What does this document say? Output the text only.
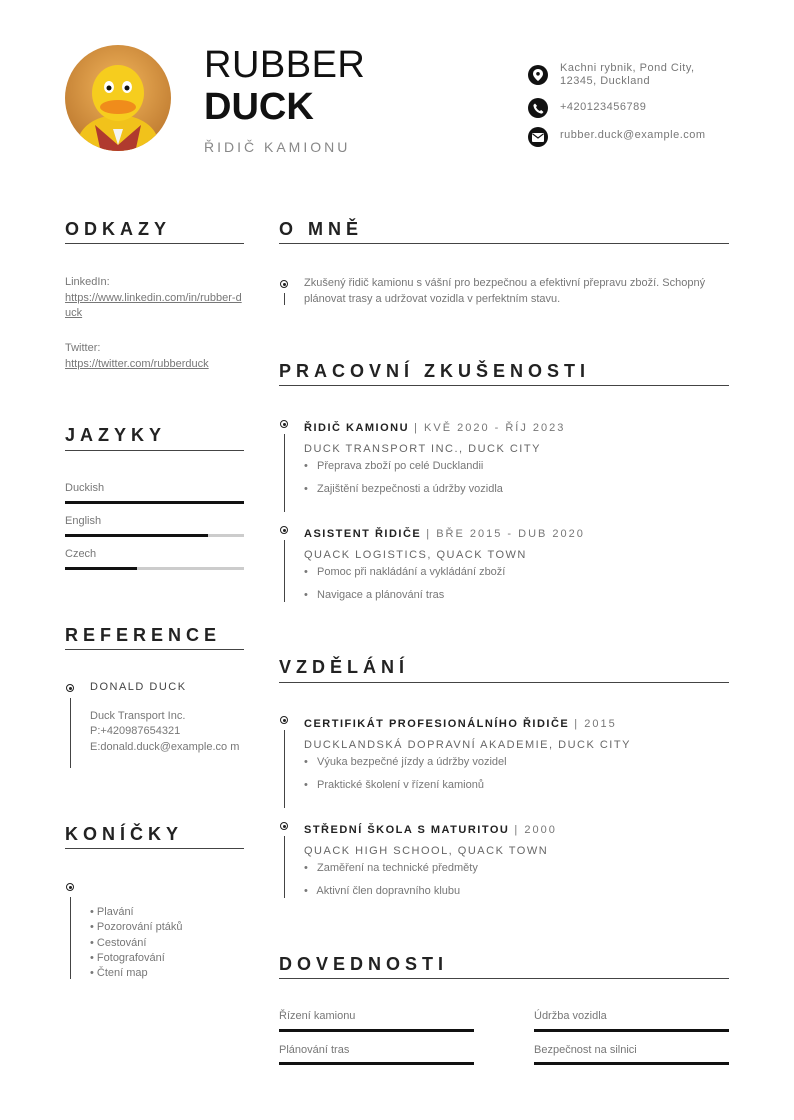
RUBBER
DUCK
ŘIDIČ KAMIONU
Kachni rybnik, Pond City, 12345, Duckland
+420123456789
rubber.duck@example.com
ODKAZY
LinkedIn:
https://www.linkedin.com/in/rubber-duck
Twitter:
https://twitter.com/rubberduck
JAZYKY
Duckish
English
Czech
REFERENCE
DONALD DUCK
Duck Transport Inc.
P:+420987654321
E:donald.duck@example.co m
KONÍČKY
• Plavání
• Pozorování ptáků
• Cestování
• Fotografování
• Čtení map
O MNĚ
Zkušený řidič kamionu s vášní pro bezpečnou a efektivní přepravu zboží. Schopný plánovat trasy a udržovat vozidla v perfektním stavu.
PRACOVNÍ ZKUŠENOSTI
ŘIDIČ KAMIONU | KVĚ 2020 - ŘÍJ 2023
DUCK TRANSPORT INC., DUCK CITY
•   Přeprava zboží po celé Ducklandii
•   Zajištění bezpečnosti a údržby vozidla
ASISTENT ŘIDIČE | BŘE 2015 - DUB 2020
QUACK LOGISTICS, QUACK TOWN
•   Pomoc při nakládání a vykládání zboží
•   Navigace a plánování tras
VZDĚLÁNÍ
CERTIFIKÁT PROFESIONÁLNÍHO ŘIDIČE | 2015
DUCKLANDSKÁ DOPRAVNÍ AKADEMIE, DUCK CITY
•   Výuka bezpečné jízdy a údržby vozidel
•   Praktické školení v řízení kamionů
STŘEDNÍ ŠKOLA S MATURITOU | 2000
QUACK HIGH SCHOOL, QUACK TOWN
•   Zaměření na technické předměty
•   Aktivní člen dopravního klubu
DOVEDNOSTI
Řízení kamionu	Údržba vozidla
Plánování tras	Bezpečnost na silnici
